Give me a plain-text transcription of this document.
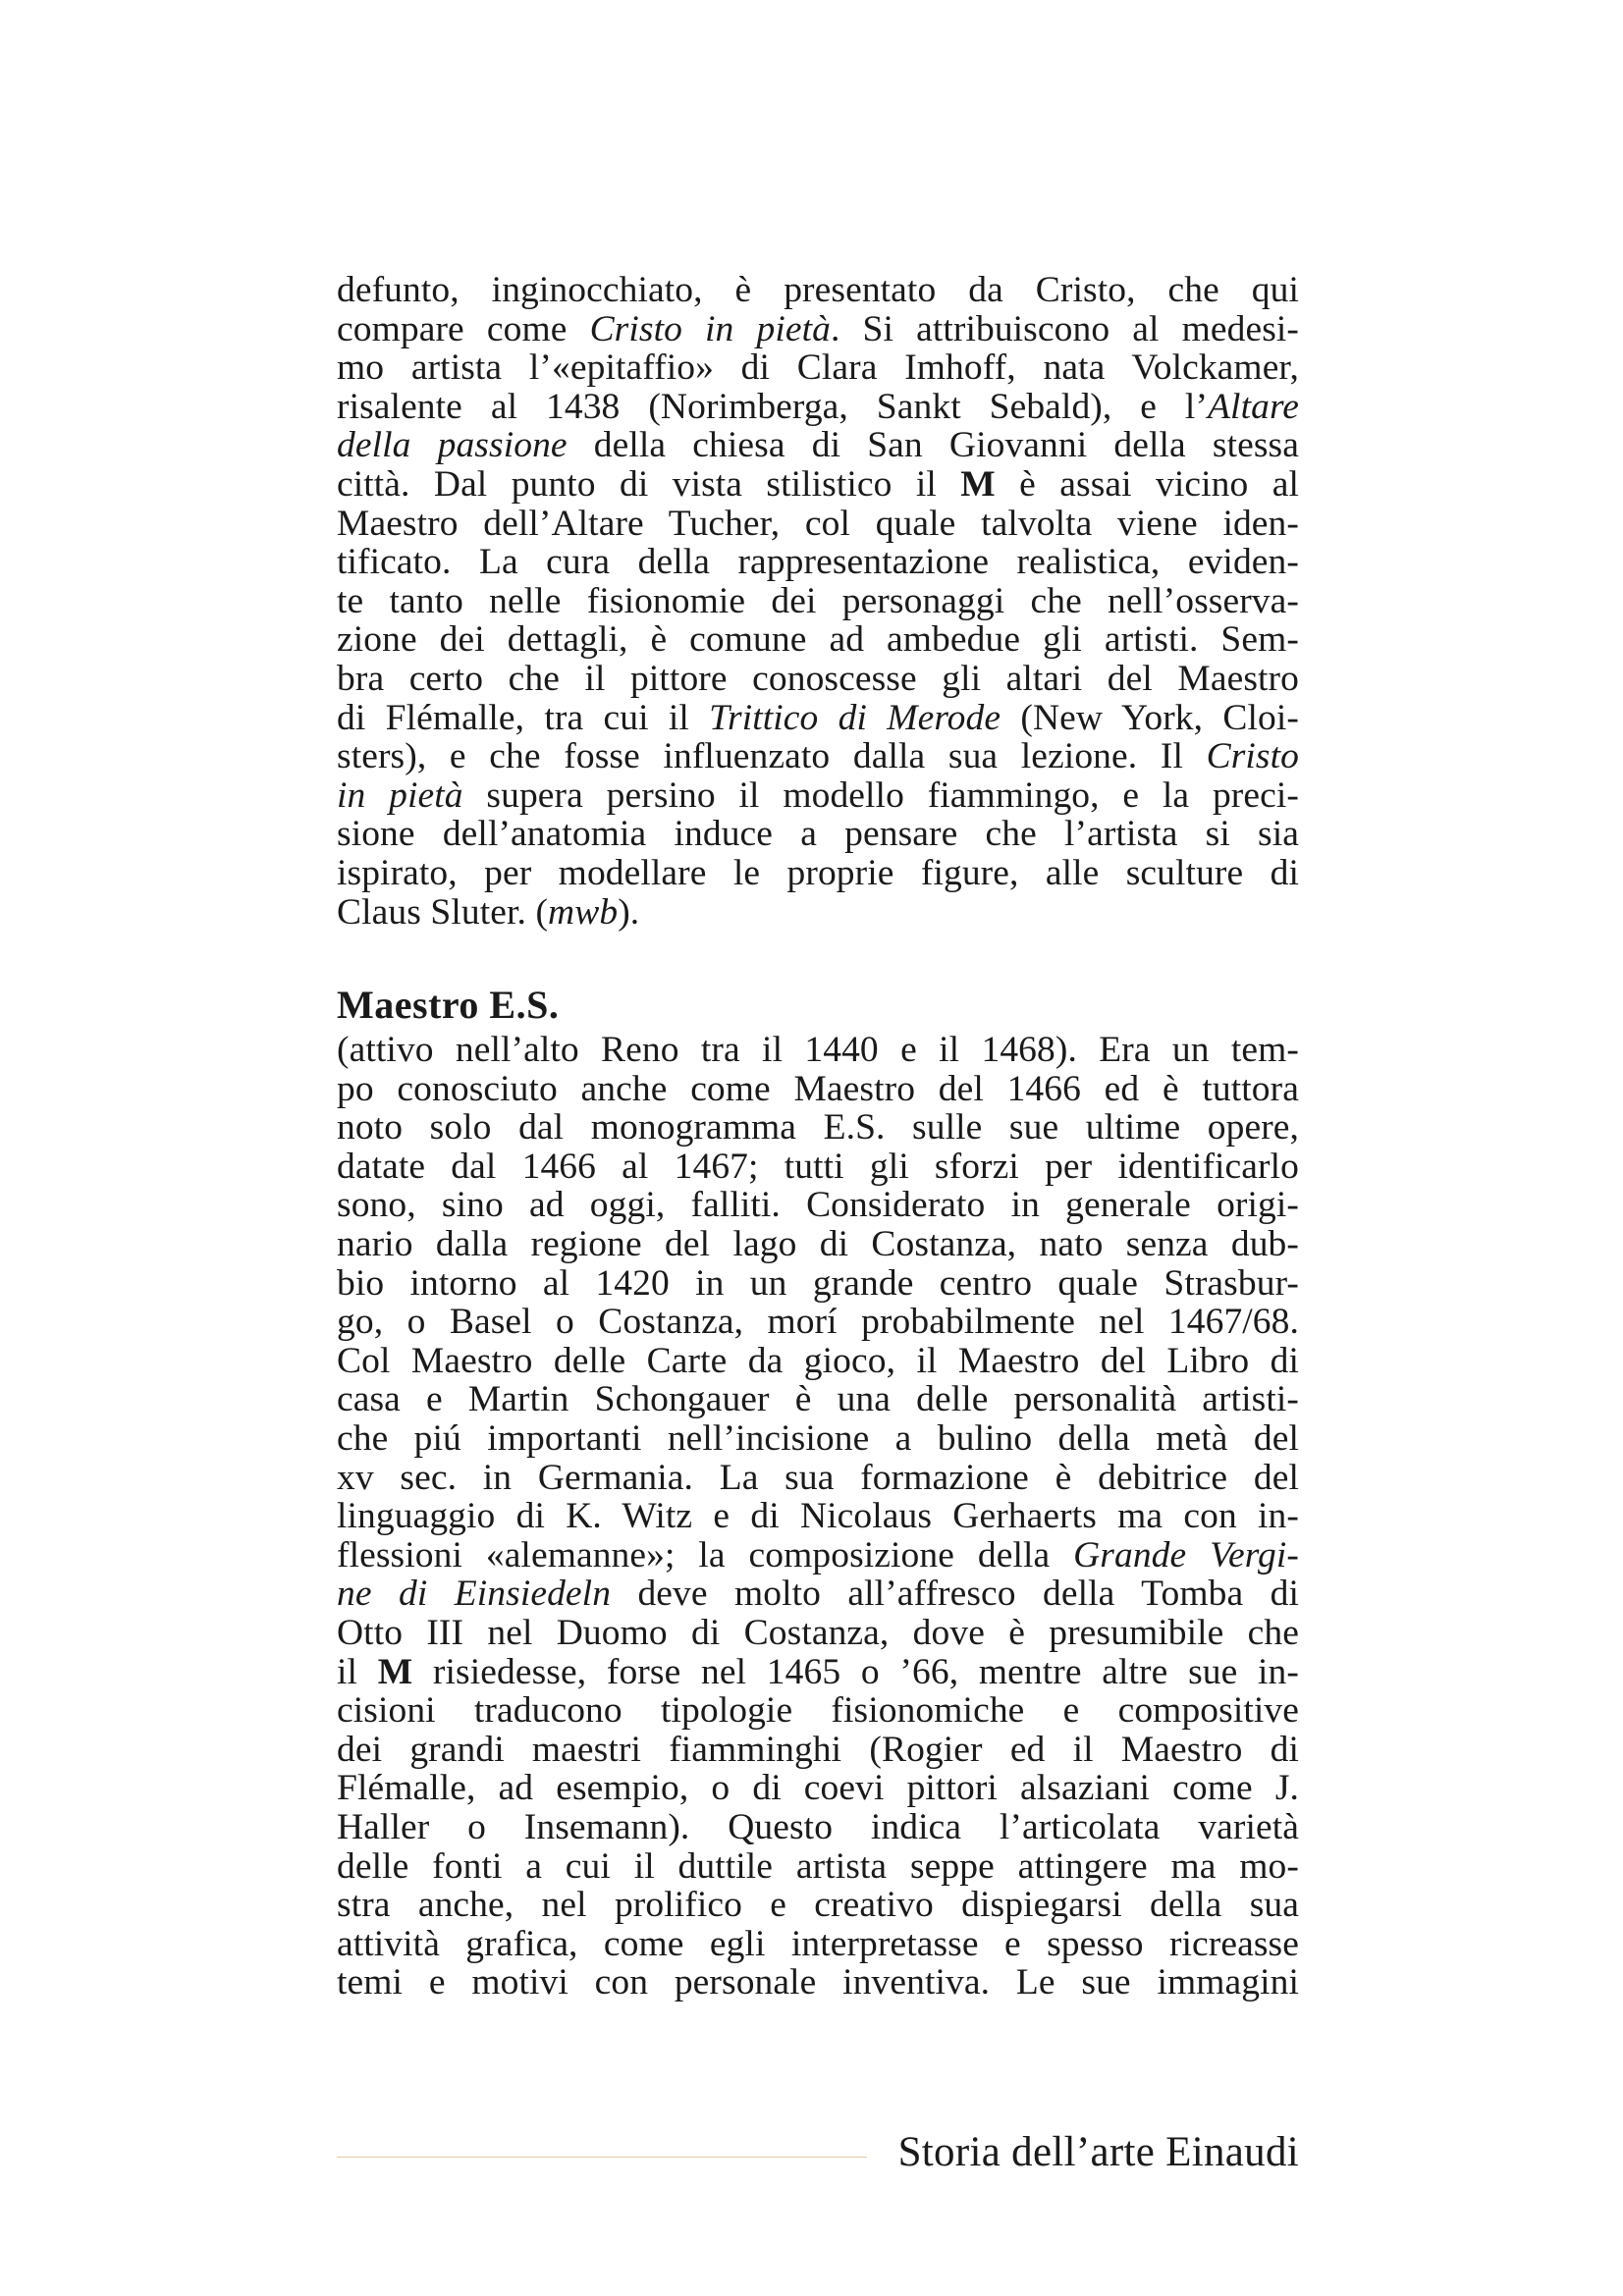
defunto, inginocchiato, è presentato da Cristo, che qui
compare come Cristo in pietà. Si attribuiscono al medesi-
mo artista l’«epitaffio» di Clara Imhoff, nata Volckamer,
risalente al 1438 (Norimberga, Sankt Sebald), e l’Altare
della passione della chiesa di San Giovanni della stessa
città. Dal punto di vista stilistico il M è assai vicino al
Maestro dell’Altare Tucher, col quale talvolta viene iden-
tificato. La cura della rappresentazione realistica, eviden-
te tanto nelle fisionomie dei personaggi che nell’osserva-
zione dei dettagli, è comune ad ambedue gli artisti. Sem-
bra certo che il pittore conoscesse gli altari del Maestro
di Flémalle, tra cui il Trittico di Merode (New York, Cloi-
sters), e che fosse influenzato dalla sua lezione. Il Cristo
in pietà supera persino il modello fiammingo, e la preci-
sione dell’anatomia induce a pensare che l’artista si sia
ispirato, per modellare le proprie figure, alle sculture di
Claus Sluter. (mwb).
Maestro E.S.
(attivo nell’alto Reno tra il 1440 e il 1468). Era un tem-
po conosciuto anche come Maestro del 1466 ed è tuttora
noto solo dal monogramma E.S. sulle sue ultime opere,
datate dal 1466 al 1467; tutti gli sforzi per identificarlo
sono, sino ad oggi, falliti. Considerato in generale origi-
nario dalla regione del lago di Costanza, nato senza dub-
bio intorno al 1420 in un grande centro quale Strasbur-
go, o Basel o Costanza, morí probabilmente nel 1467/68.
Col Maestro delle Carte da gioco, il Maestro del Libro di
casa e Martin Schongauer è una delle personalità artisti-
che piú importanti nell’incisione a bulino della metà del
xv sec. in Germania. La sua formazione è debitrice del
linguaggio di K. Witz e di Nicolaus Gerhaerts ma con in-
flessioni «alemanne»; la composizione della Grande Vergi-
ne di Einsiedeln deve molto all’affresco della Tomba di
Otto III nel Duomo di Costanza, dove è presumibile che
il M risiedesse, forse nel 1465 o ’66, mentre altre sue in-
cisioni traducono tipologie fisionomiche e compositive
dei grandi maestri fiamminghi (Rogier ed il Maestro di
Flémalle, ad esempio, o di coevi pittori alsaziani come J.
Haller o Insemann). Questo indica l’articolata varietà
delle fonti a cui il duttile artista seppe attingere ma mo-
stra anche, nel prolifico e creativo dispiegarsi della sua
attività grafica, come egli interpretasse e spesso ricreasse
temi e motivi con personale inventiva. Le sue immagini
Storia dell’arte Einaudi
